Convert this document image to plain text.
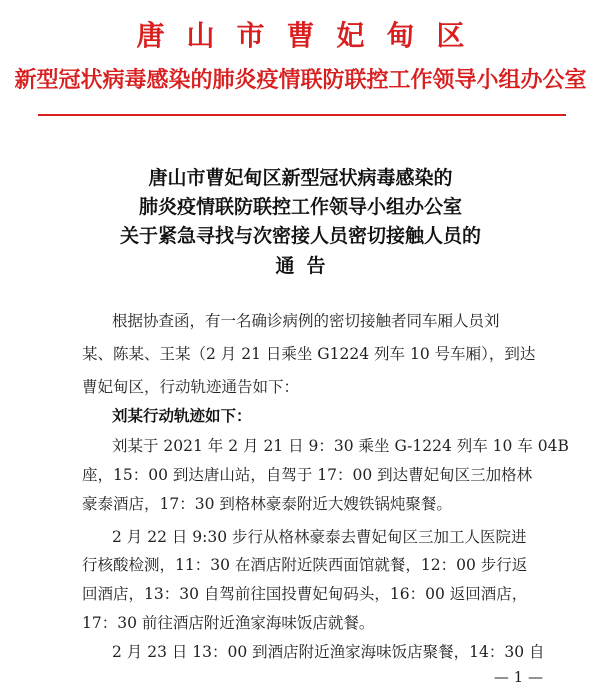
唐山市曹妃甸区
新型冠状病毒感染的肺炎疫情联防联控工作领导小组办公室
唐山市曹妃甸区新型冠状病毒感染的
肺炎疫情联防联控工作领导小组办公室
关于紧急寻找与次密接人员密切接触人员的
通告
根据协查函，有一名确诊病例的密切接触者同车厢人员刘
某、陈某、王某（2 月 21 日乘坐 G1224 列车 10 号车厢），到达
曹妃甸区，行动轨迹通告如下：
刘某行动轨迹如下：
刘某于 2021 年 2 月 21 日 9：30 乘坐 G-1224 列车 10 车 04B
座，15：00 到达唐山站，自驾于 17：00 到达曹妃甸区三加格林
豪泰酒店，17：30 到格林豪泰附近大嫂铁锅炖聚餐。
2 月 22 日 9:30 步行从格林豪泰去曹妃甸区三加工人医院进
行核酸检测，11：30 在酒店附近陕西面馆就餐，12：00 步行返
回酒店，13：30 自驾前往国投曹妃甸码头，16：00 返回酒店，
17：30 前往酒店附近渔家海味饭店就餐。
2 月 23 日 13：00 到酒店附近渔家海味饭店聚餐，14：30 自
— 1 —
